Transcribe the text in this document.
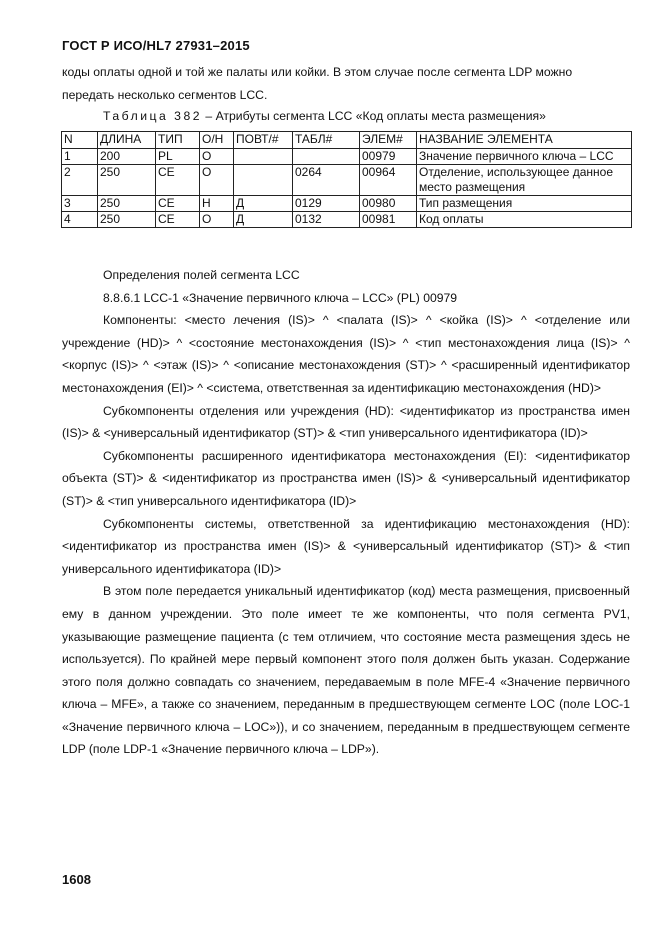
ГОСТ Р ИСО/HL7 27931–2015
коды оплаты одной и той же палаты или койки. В этом случае после сегмента LDP можно
передать несколько сегментов LCC.
Таблица 382 – Атрибуты сегмента LCC «Код оплаты места размещения»
N	ДЛИНА	ТИП	О/Н	ПОВТ/#	ТАБЛ#	ЭЛЕМ#	НАЗВАНИЕ ЭЛЕМЕНТА
1	200	PL	О			00979	Значение первичного ключа – LCC
2	250	CE	О		0264	00964	Отделение, использующее данное место размещения
3	250	CE	Н	Д	0129	00980	Тип размещения
4	250	CE	О	Д	0132	00981	Код оплаты

Определения полей сегмента LCC

8.8.6.1 LCC-1 «Значение первичного ключа – LCC» (PL) 00979

Компоненты: <место лечения (IS)> ^ <палата (IS)> ^ <койка (IS)> ^ <отделение или учреждение (HD)> ^ <состояние местонахождения (IS)> ^ <тип местонахождения лица (IS)> ^ <корпус (IS)> ^ <этаж (IS)> ^ <описание местонахождения (ST)> ^ <расширенный идентификатор местонахождения (EI)> ^ <система, ответственная за идентификацию местонахождения (HD)>

Субкомпоненты отделения или учреждения (HD): <идентификатор из пространства имен (IS)> & <универсальный идентификатор (ST)> & <тип универсального идентификатора (ID)>

Субкомпоненты расширенного идентификатора местонахождения (EI): <идентификатор объекта (ST)> & <идентификатор из пространства имен (IS)> & <универсальный идентификатор (ST)> & <тип универсального идентификатора (ID)>

Субкомпоненты системы, ответственной за идентификацию местонахождения (HD): <идентификатор из пространства имен (IS)> & <универсальный идентификатор (ST)> & <тип универсального идентификатора (ID)>

В этом поле передается уникальный идентификатор (код) места размещения, присвоенный ему в данном учреждении. Это поле имеет те же компоненты, что поля сегмента PV1, указывающие размещение пациента (с тем отличием, что состояние места размещения здесь не используется). По крайней мере первый компонент этого поля должен быть указан. Содержание этого поля должно совпадать со значением, передаваемым в поле MFE-4 «Значение первичного ключа – MFE», а также со значением, переданным в предшествующем сегменте LOC (поле LOC-1 «Значение первичного ключа – LOC»)), и со значением, переданным в предшествующем сегменте LDP (поле LDP-1 «Значение первичного ключа – LDP»).

1608
